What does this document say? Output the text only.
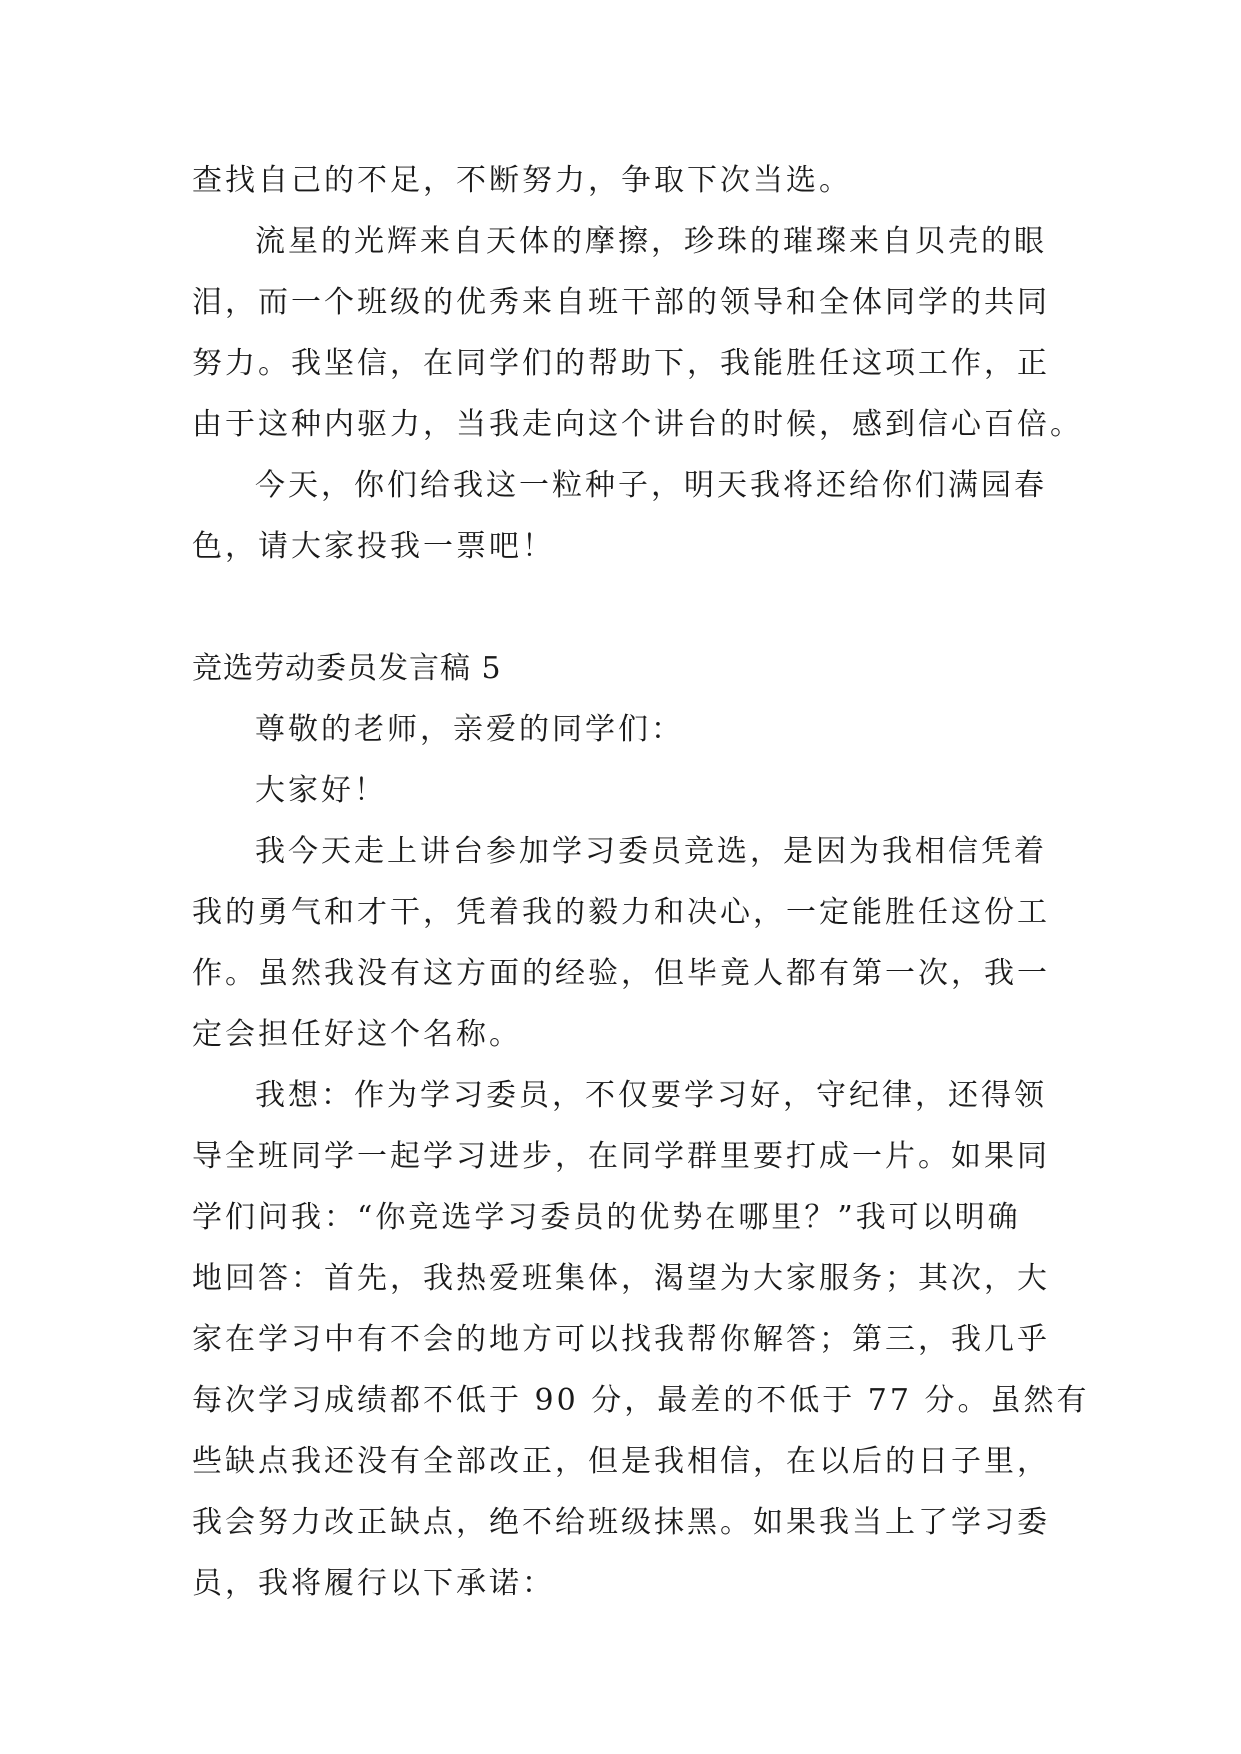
查找自己的不足，不断努力，争取下次当选。

流星的光辉来自天体的摩擦，珍珠的璀璨来自贝壳的眼

泪，而一个班级的优秀来自班干部的领导和全体同学的共同

努力。我坚信，在同学们的帮助下，我能胜任这项工作，正

由于这种内驱力，当我走向这个讲台的时候，感到信心百倍。

今天，你们给我这一粒种子，明天我将还给你们满园春

色，请大家投我一票吧！

竞选劳动委员发言稿 5

尊敬的老师，亲爱的同学们：

大家好！

我今天走上讲台参加学习委员竞选，是因为我相信凭着

我的勇气和才干，凭着我的毅力和决心，一定能胜任这份工

作。虽然我没有这方面的经验，但毕竟人都有第一次，我一

定会担任好这个名称。

我想：作为学习委员，不仅要学习好，守纪律，还得领

导全班同学一起学习进步，在同学群里要打成一片。如果同

学们问我：“你竞选学习委员的优势在哪里？”我可以明确

地回答：首先，我热爱班集体，渴望为大家服务；其次，大

家在学习中有不会的地方可以找我帮你解答；第三，我几乎

每次学习成绩都不低于 90 分，最差的不低于 77 分。虽然有

些缺点我还没有全部改正，但是我相信，在以后的日子里，

我会努力改正缺点，绝不给班级抹黑。如果我当上了学习委

员，我将履行以下承诺：
